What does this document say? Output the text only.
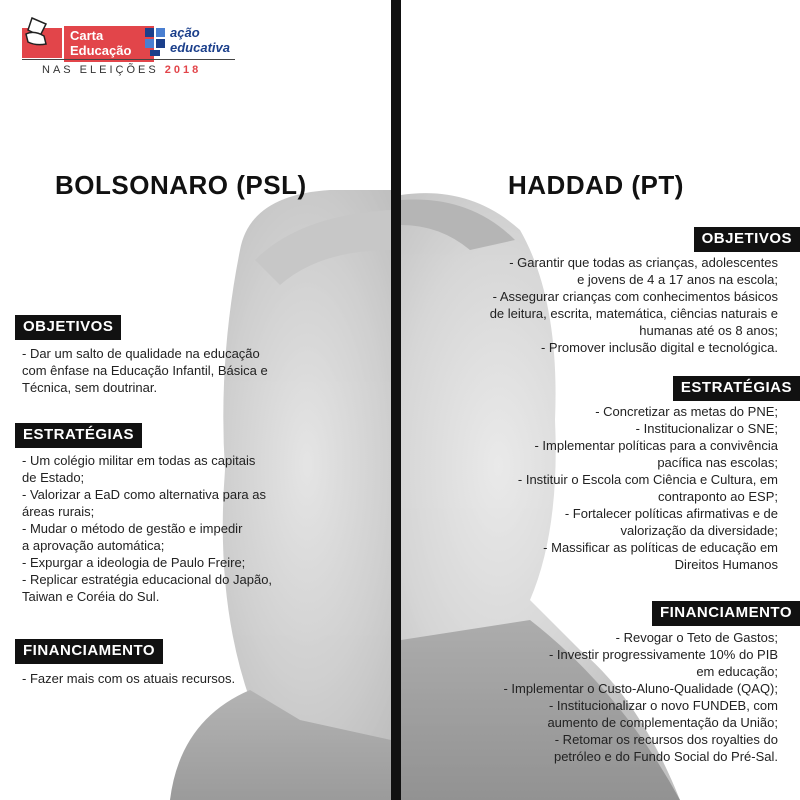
Carta
Educação
ação
educativa
NAS ELEIÇÕES 2018
BOLSONARO (PSL)	HADDAD (PT)
OBJETIVOS
- Dar um salto de qualidade na educação
com ênfase na Educação Infantil, Básica e
Técnica, sem doutrinar.
ESTRATÉGIAS
- Um colégio militar em todas as capitais
de Estado;
- Valorizar a EaD como alternativa para as
áreas rurais;
- Mudar o método de gestão e impedir
a aprovação automática;
- Expurgar a ideologia de Paulo Freire;
- Replicar estratégia educacional do Japão,
Taiwan e Coréia do Sul.
FINANCIAMENTO
- Fazer mais com os atuais recursos.
OBJETIVOS
- Garantir que todas as crianças, adolescentes
e jovens de 4 a 17 anos na escola;
- Assegurar crianças com conhecimentos básicos
de leitura, escrita, matemática, ciências naturais e
humanas até os 8 anos;
- Promover inclusão digital e tecnológica.
ESTRATÉGIAS
- Concretizar as metas do PNE;
- Institucionalizar o SNE;
- Implementar políticas para a convivência
pacífica nas escolas;
- Instituir o Escola com Ciência e Cultura, em
contraponto ao ESP;
- Fortalecer políticas afirmativas e de
valorização da diversidade;
- Massificar as políticas de educação em
Direitos Humanos
FINANCIAMENTO
- Revogar o Teto de Gastos;
- Investir progressivamente 10% do PIB
em educação;
- Implementar o Custo-Aluno-Qualidade (QAQ);
- Institucionalizar o novo FUNDEB, com
aumento de complementação da União;
- Retomar os recursos dos royalties do
petróleo e do Fundo Social do Pré-Sal.
